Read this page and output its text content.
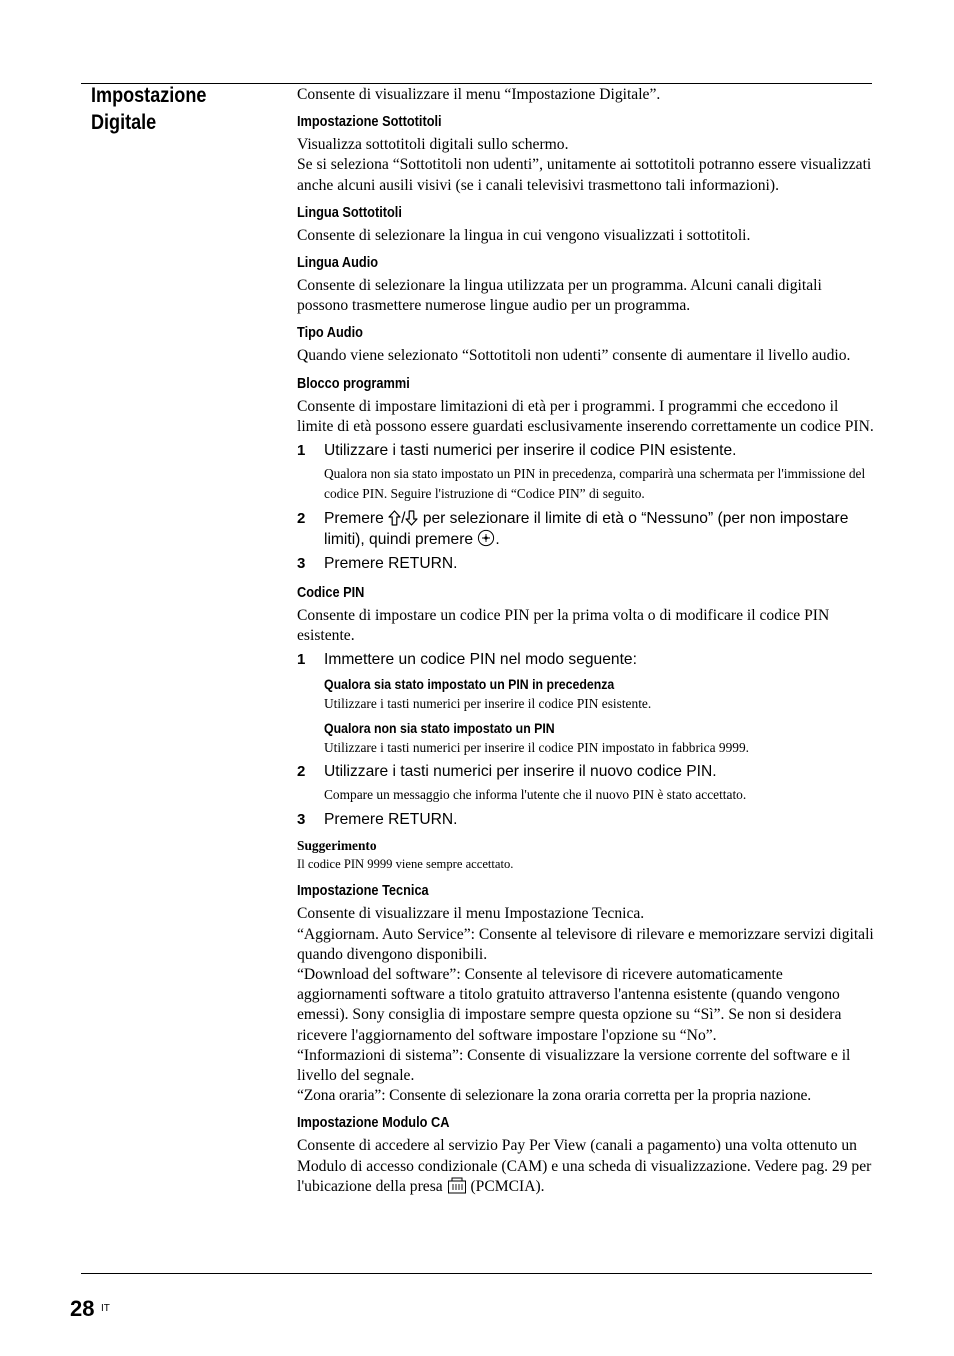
Impostazione Digitale

Consente di visualizzare il menu “Impostazione Digitale”.

Impostazione Sottotitoli

Visualizza sottotitoli digitali sullo schermo.

Se si seleziona “Sottotitoli non udenti”, unitamente ai sottotitoli potranno essere visualizzati anche alcuni ausili visivi (se i canali televisivi trasmettono tali informazioni).

Lingua Sottotitoli

Consente di selezionare la lingua in cui vengono visualizzati i sottotitoli.

Lingua Audio

Consente di selezionare la lingua utilizzata per un programma. Alcuni canali digitali possono trasmettere numerose lingue audio per un programma.

Tipo Audio

Quando viene selezionato “Sottotitoli non udenti” consente di aumentare il livello audio.

Blocco programmi

Consente di impostare limitazioni di età per i programmi. I programmi che eccedono il limite di età possono essere guardati esclusivamente inserendo correttamente un codice PIN.

1 Utilizzare i tasti numerici per inserire il codice PIN esistente.

Qualora non sia stato impostato un PIN in precedenza, comparirà una schermata per l'immissione del codice PIN. Seguire l'istruzione di “Codice PIN” di seguito.

2 Premere / per selezionare il limite di età o “Nessuno” (per non impostare limiti), quindi premere .
3 Premere RETURN.
Codice PIN

Consente di impostare un codice PIN per la prima volta o di modificare il codice PIN esistente.

1 Immettere un codice PIN nel modo seguente:
Qualora sia stato impostato un PIN in precedenza

Utilizzare i tasti numerici per inserire il codice PIN esistente.

Qualora non sia stato impostato un PIN

Utilizzare i tasti numerici per inserire il codice PIN impostato in fabbrica 9999.

2 Utilizzare i tasti numerici per inserire il nuovo codice PIN.

Compare un messaggio che informa l'utente che il nuovo PIN è stato accettato.

3 Premere RETURN.

Suggerimento

Il codice PIN 9999 viene sempre accettato.

Impostazione Tecnica

Consente di visualizzare il menu Impostazione Tecnica.

“Aggiornam. Auto Service”: Consente al televisore di rilevare e memorizzare servizi digitali quando divengono disponibili.

“Download del software”: Consente al televisore di ricevere automaticamente aggiornamenti software a titolo gratuito attraverso l'antenna esistente (quando vengono emessi). Sony consiglia di impostare sempre questa opzione su “Sì”. Se non si desidera ricevere l'aggiornamento del software impostare l'opzione su “No”.

“Informazioni di sistema”: Consente di visualizzare la versione corrente del software e il livello del segnale.

“Zona oraria”: Consente di selezionare la zona oraria corretta per la propria nazione.

Impostazione Modulo CA

Consente di accedere al servizio Pay Per View (canali a pagamento) una volta ottenuto un Modulo di accesso condizionale (CAM) e una scheda di visualizzazione. Vedere pag. 29 per l'ubicazione della presa  (PCMCIA).

28 IT
